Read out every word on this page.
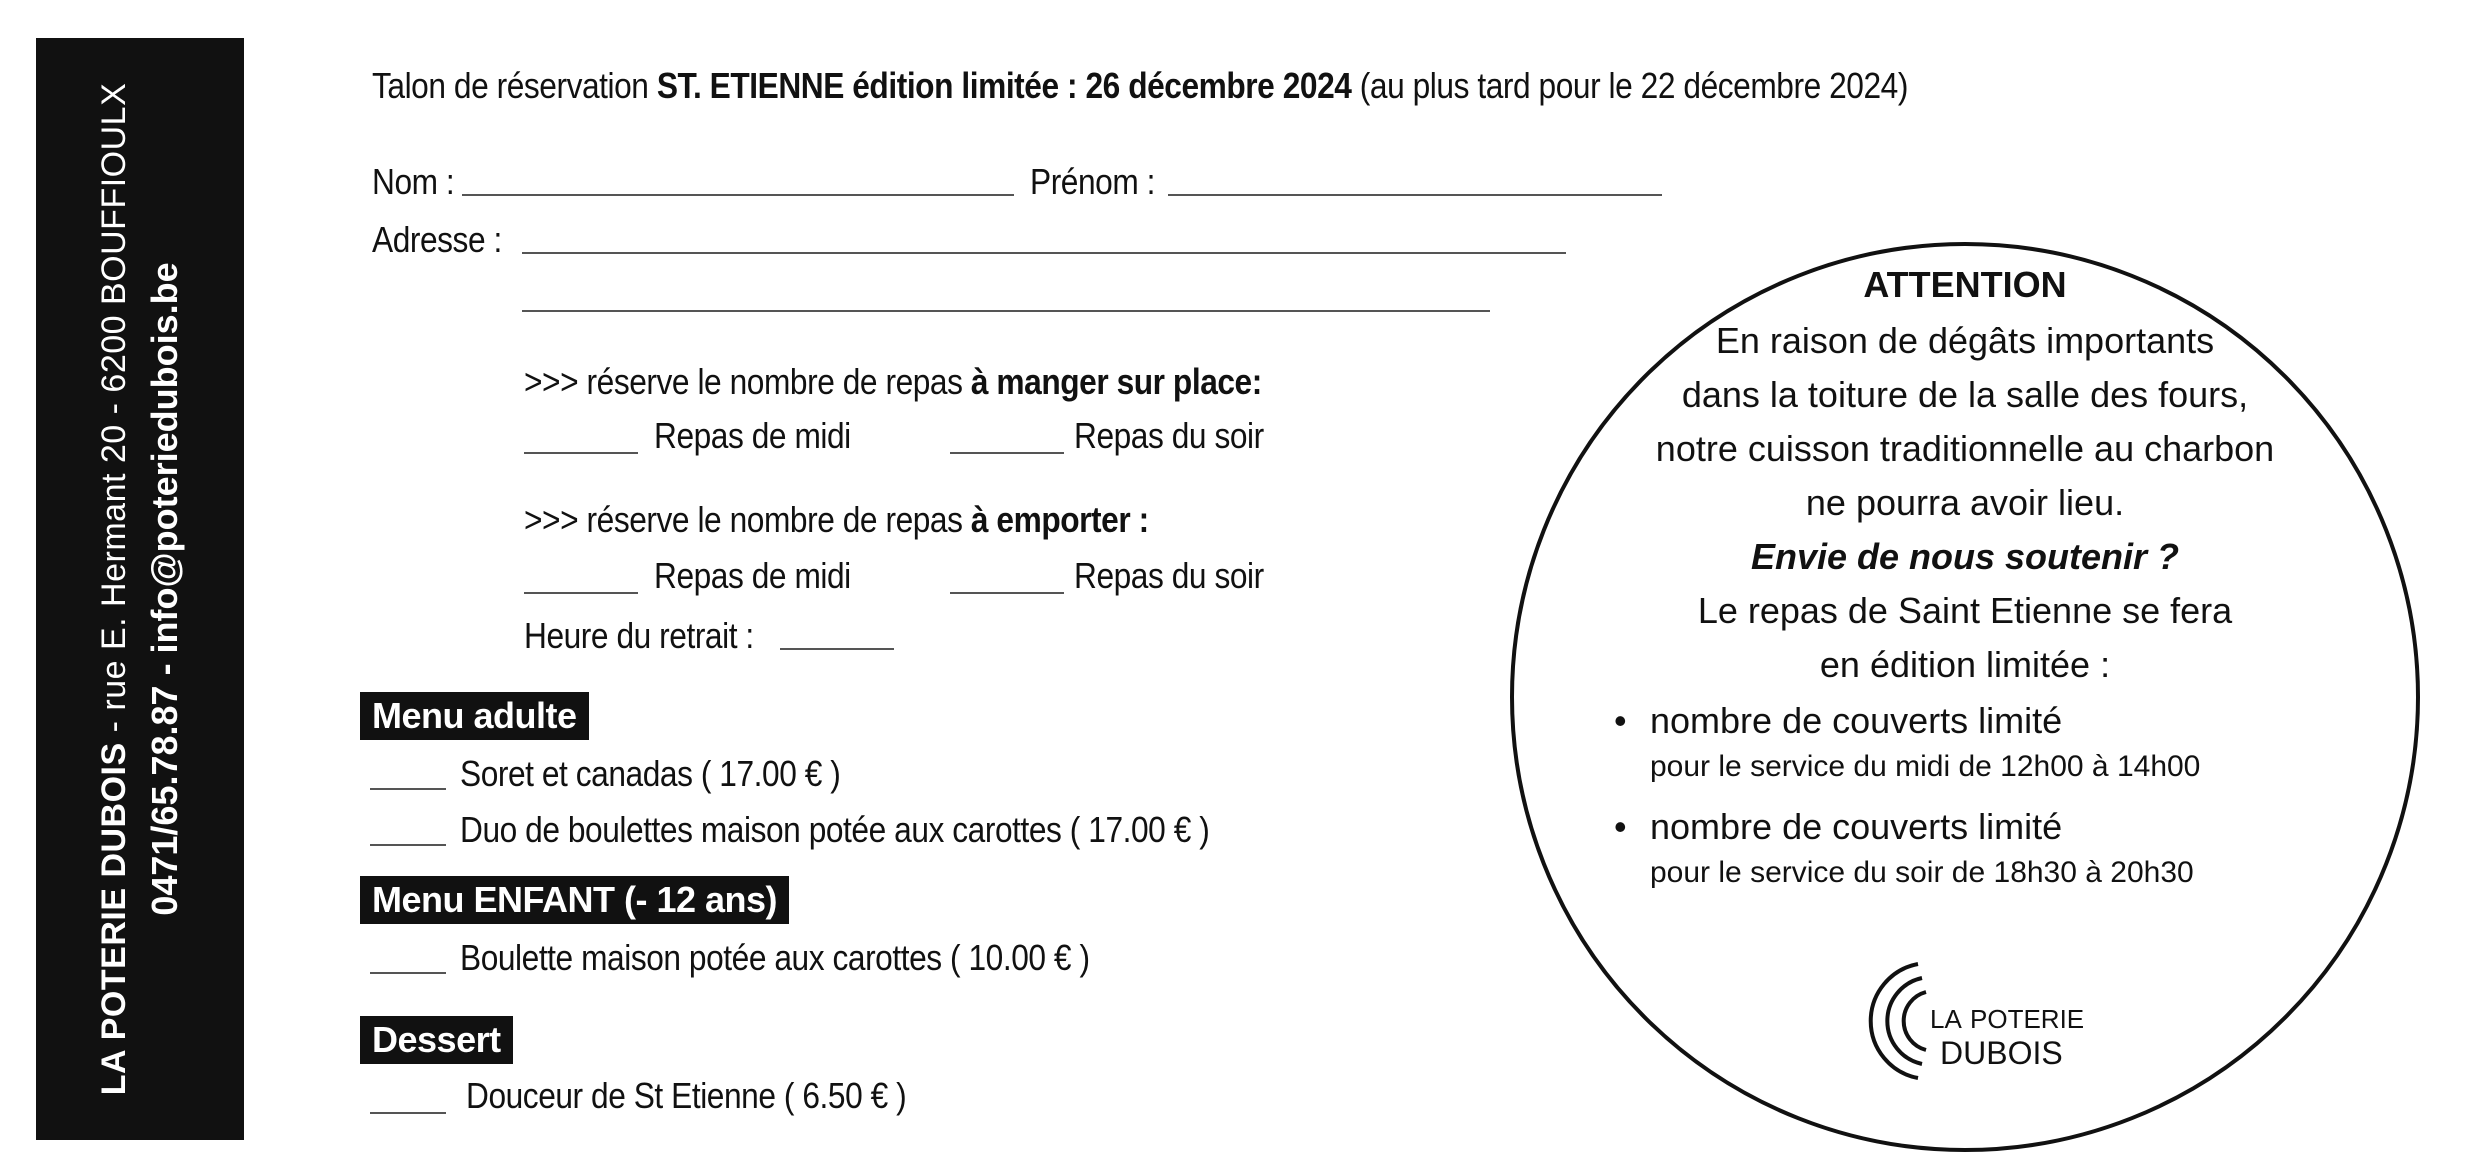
LA POTERIE DUBOIS - rue E. Hermant 20 - 6200 BOUFFIOULX 0471/65.78.87 - info@poteriedubois.be
Talon de réservation ST. ETIENNE édition limitée : 26 décembre 2024 (au plus tard pour le 22 décembre 2024)
Nom :	Prénom :
Adresse :
>>> réserve le nombre de repas à manger sur place:
Repas de midi	Repas du soir
>>> réserve le nombre de repas à emporter :
Repas de midi	Repas du soir
Heure du retrait :
Menu adulte
Soret et canadas ( 17.00 € )
Duo de boulettes maison potée aux carottes ( 17.00 € )
Menu ENFANT (- 12 ans)
Boulette maison potée aux carottes ( 10.00 € )
Dessert
Douceur de St Etienne ( 6.50 € )
ATTENTION
En raison de dégâts importants
dans la toiture de la salle des fours,
notre cuisson traditionnelle au charbon
ne pourra avoir lieu.
Envie de nous soutenir ?
Le repas de Saint Etienne se fera
en édition limitée :
• nombre de couverts limité
pour le service du midi de 12h00 à 14h00
• nombre de couverts limité
pour le service du soir de 18h30 à 20h30
LA POTERIE
DUBOIS
